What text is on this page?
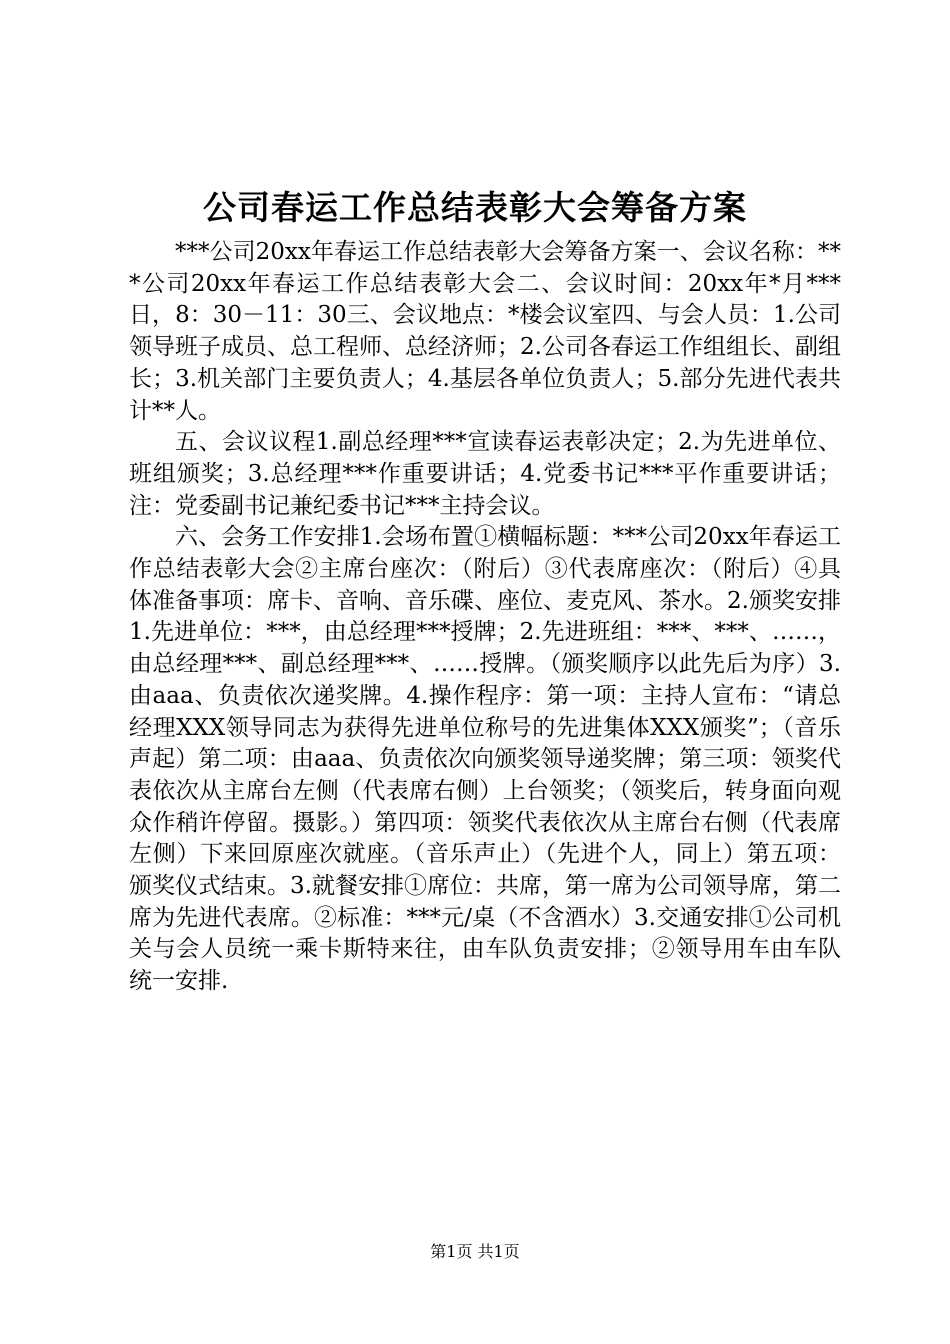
公司春运工作总结表彰大会筹备方案

***公司20xx年春运工作总结表彰大会筹备方案一、会议名称：***公司20xx年春运工作总结表彰大会二、会议时间：20xx年*月***日，8：30－11：30三、会议地点：*楼会议室四、与会人员：1.公司领导班子成员、总工程师、总经济师；2.公司各春运工作组组长、副组长；3.机关部门主要负责人；4.基层各单位负责人；5.部分先进代表共计**人。

五、会议议程1.副总经理***宣读春运表彰决定；2.为先进单位、班组颁奖；3.总经理***作重要讲话；4.党委书记***平作重要讲话；注：党委副书记兼纪委书记***主持会议。

六、会务工作安排1.会场布置①横幅标题：***公司20xx年春运工作总结表彰大会②主席台座次：（附后）③代表席座次：（附后）④具体准备事项：席卡、音响、音乐碟、座位、麦克风、茶水。2.颁奖安排1.先进单位：***，由总经理***授牌；2.先进班组：***、***、……，由总经理***、副总经理***、……授牌。（颁奖顺序以此先后为序）3.由aaa、负责依次递奖牌。4.操作程序：第一项：主持人宣布：“请总经理XXX领导同志为获得先进单位称号的先进集体XXX颁奖”；（音乐声起）第二项：由aaa、负责依次向颁奖领导递奖牌；第三项：领奖代表依次从主席台左侧（代表席右侧）上台领奖；（领奖后，转身面向观众作稍许停留。摄影。）第四项：领奖代表依次从主席台右侧（代表席左侧）下来回原座次就座。（音乐声止）（先进个人，同上）第五项：颁奖仪式结束。3.就餐安排①席位：共席，第一席为公司领导席，第二席为先进代表席。②标准：***元/桌（不含酒水）3.交通安排①公司机关与会人员统一乘卡斯特来往，由车队负责安排；②领导用车由车队统一安排.

第1页 共1页
